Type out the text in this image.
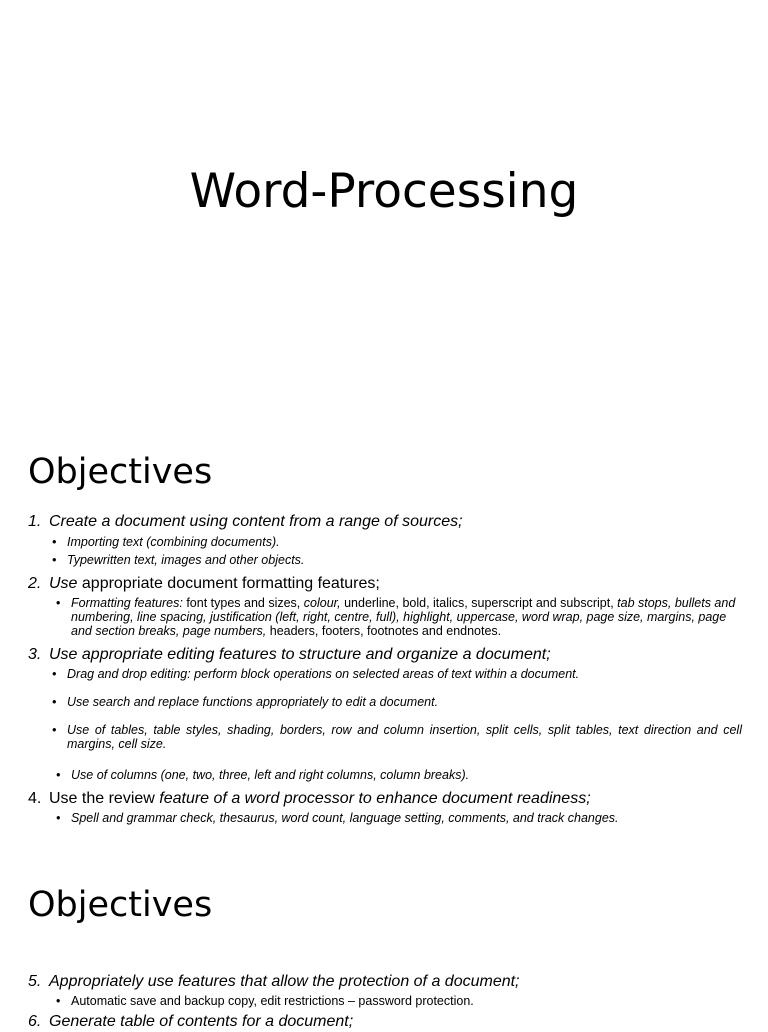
Word-Processing
Objectives
1. Create a document using content from a range of sources;
• Importing text (combining documents).
• Typewritten text, images and other objects.
2. Use appropriate document formatting features;
• Formatting features: font types and sizes, colour, underline, bold, italics, superscript and subscript, tab stops, bullets and numbering, line spacing, justification (left, right, centre, full), highlight, uppercase, word wrap, page size, margins, page and section breaks, page numbers, headers, footers, footnotes and endnotes.
3. Use appropriate editing features to structure and organize a document;
• Drag and drop editing: perform block operations on selected areas of text within a document.
• Use search and replace functions appropriately to edit a document.
• Use of tables, table styles, shading, borders, row and column insertion, split cells, split tables, text direction and cell margins, cell size.
• Use of columns (one, two, three, left and right columns, column breaks).
4. Use the review feature of a word processor to enhance document readiness;
• Spell and grammar check, thesaurus, word count, language setting, comments, and track changes.
Objectives
5. Appropriately use features that allow the protection of a document;
• Automatic save and backup copy, edit restrictions – password protection.
6. Generate table of contents for a document;
